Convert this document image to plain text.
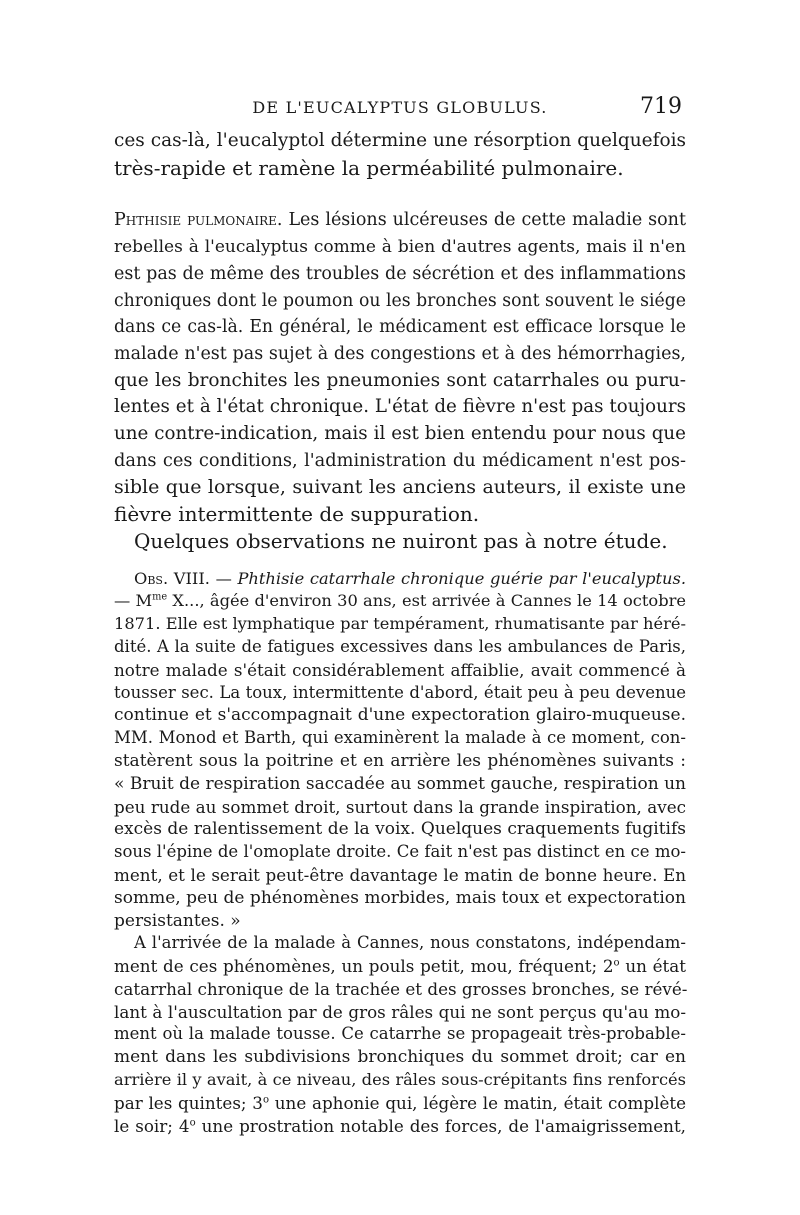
DE L'EUCALYPTUS GLOBULUS.	719
ces cas-là, l'eucalyptol détermine une résorption quelquefois
très-rapide et ramène la perméabilité pulmonaire.
Phthisie pulmonaire. Les lésions ulcéreuses de cette maladie sont
rebelles à l'eucalyptus comme à bien d'autres agents, mais il n'en
est pas de même des troubles de sécrétion et des inflammations
chroniques dont le poumon ou les bronches sont souvent le siége
dans ce cas-là. En général, le médicament est efficace lorsque le
malade n'est pas sujet à des congestions et à des hémorrhagies,
que les bronchites les pneumonies sont catarrhales ou puru-
lentes et à l'état chronique. L'état de fièvre n'est pas toujours
une contre-indication, mais il est bien entendu pour nous que
dans ces conditions, l'administration du médicament n'est pos-
sible que lorsque, suivant les anciens auteurs, il existe une
fièvre intermittente de suppuration.
Quelques observations ne nuiront pas à notre étude.
Obs. VIII. — Phthisie catarrhale chronique guérie par l'eucalyptus.
— $M^{me}$ X..., âgée d'environ 30 ans, est arrivée à Cannes le 14 octobre
1871. Elle est lymphatique par tempérament, rhumatisante par héré-
dité. A la suite de fatigues excessives dans les ambulances de Paris,
notre malade s'était considérablement affaiblie, avait commencé à
tousser sec. La toux, intermittente d'abord, était peu à peu devenue
continue et s'accompagnait d'une expectoration glairo-muqueuse.
MM. Monod et Barth, qui examinèrent la malade à ce moment, con-
statèrent sous la poitrine et en arrière les phénomènes suivants :
« Bruit de respiration saccadée au sommet gauche, respiration un
peu rude au sommet droit, surtout dans la grande inspiration, avec
excès de ralentissement de la voix. Quelques craquements fugitifs
sous l'épine de l'omoplate droite. Ce fait n'est pas distinct en ce mo-
ment, et le serait peut-être davantage le matin de bonne heure. En
somme, peu de phénomènes morbides, mais toux et expectoration
persistantes. »
A l'arrivée de la malade à Cannes, nous constatons, indépendam-
ment de ces phénomènes, un pouls petit, mou, fréquent; 2$^o$ un état
catarrhal chronique de la trachée et des grosses bronches, se révé-
lant à l'auscultation par de gros râles qui ne sont perçus qu'au mo-
ment où la malade tousse. Ce catarrhe se propageait très-probable-
ment dans les subdivisions bronchiques du sommet droit; car en
arrière il y avait, à ce niveau, des râles sous-crépitants fins renforcés
par les quintes; 3$^o$ une aphonie qui, légère le matin, était complète
le soir; 4$^o$ une prostration notable des forces, de l'amaigrissement,
